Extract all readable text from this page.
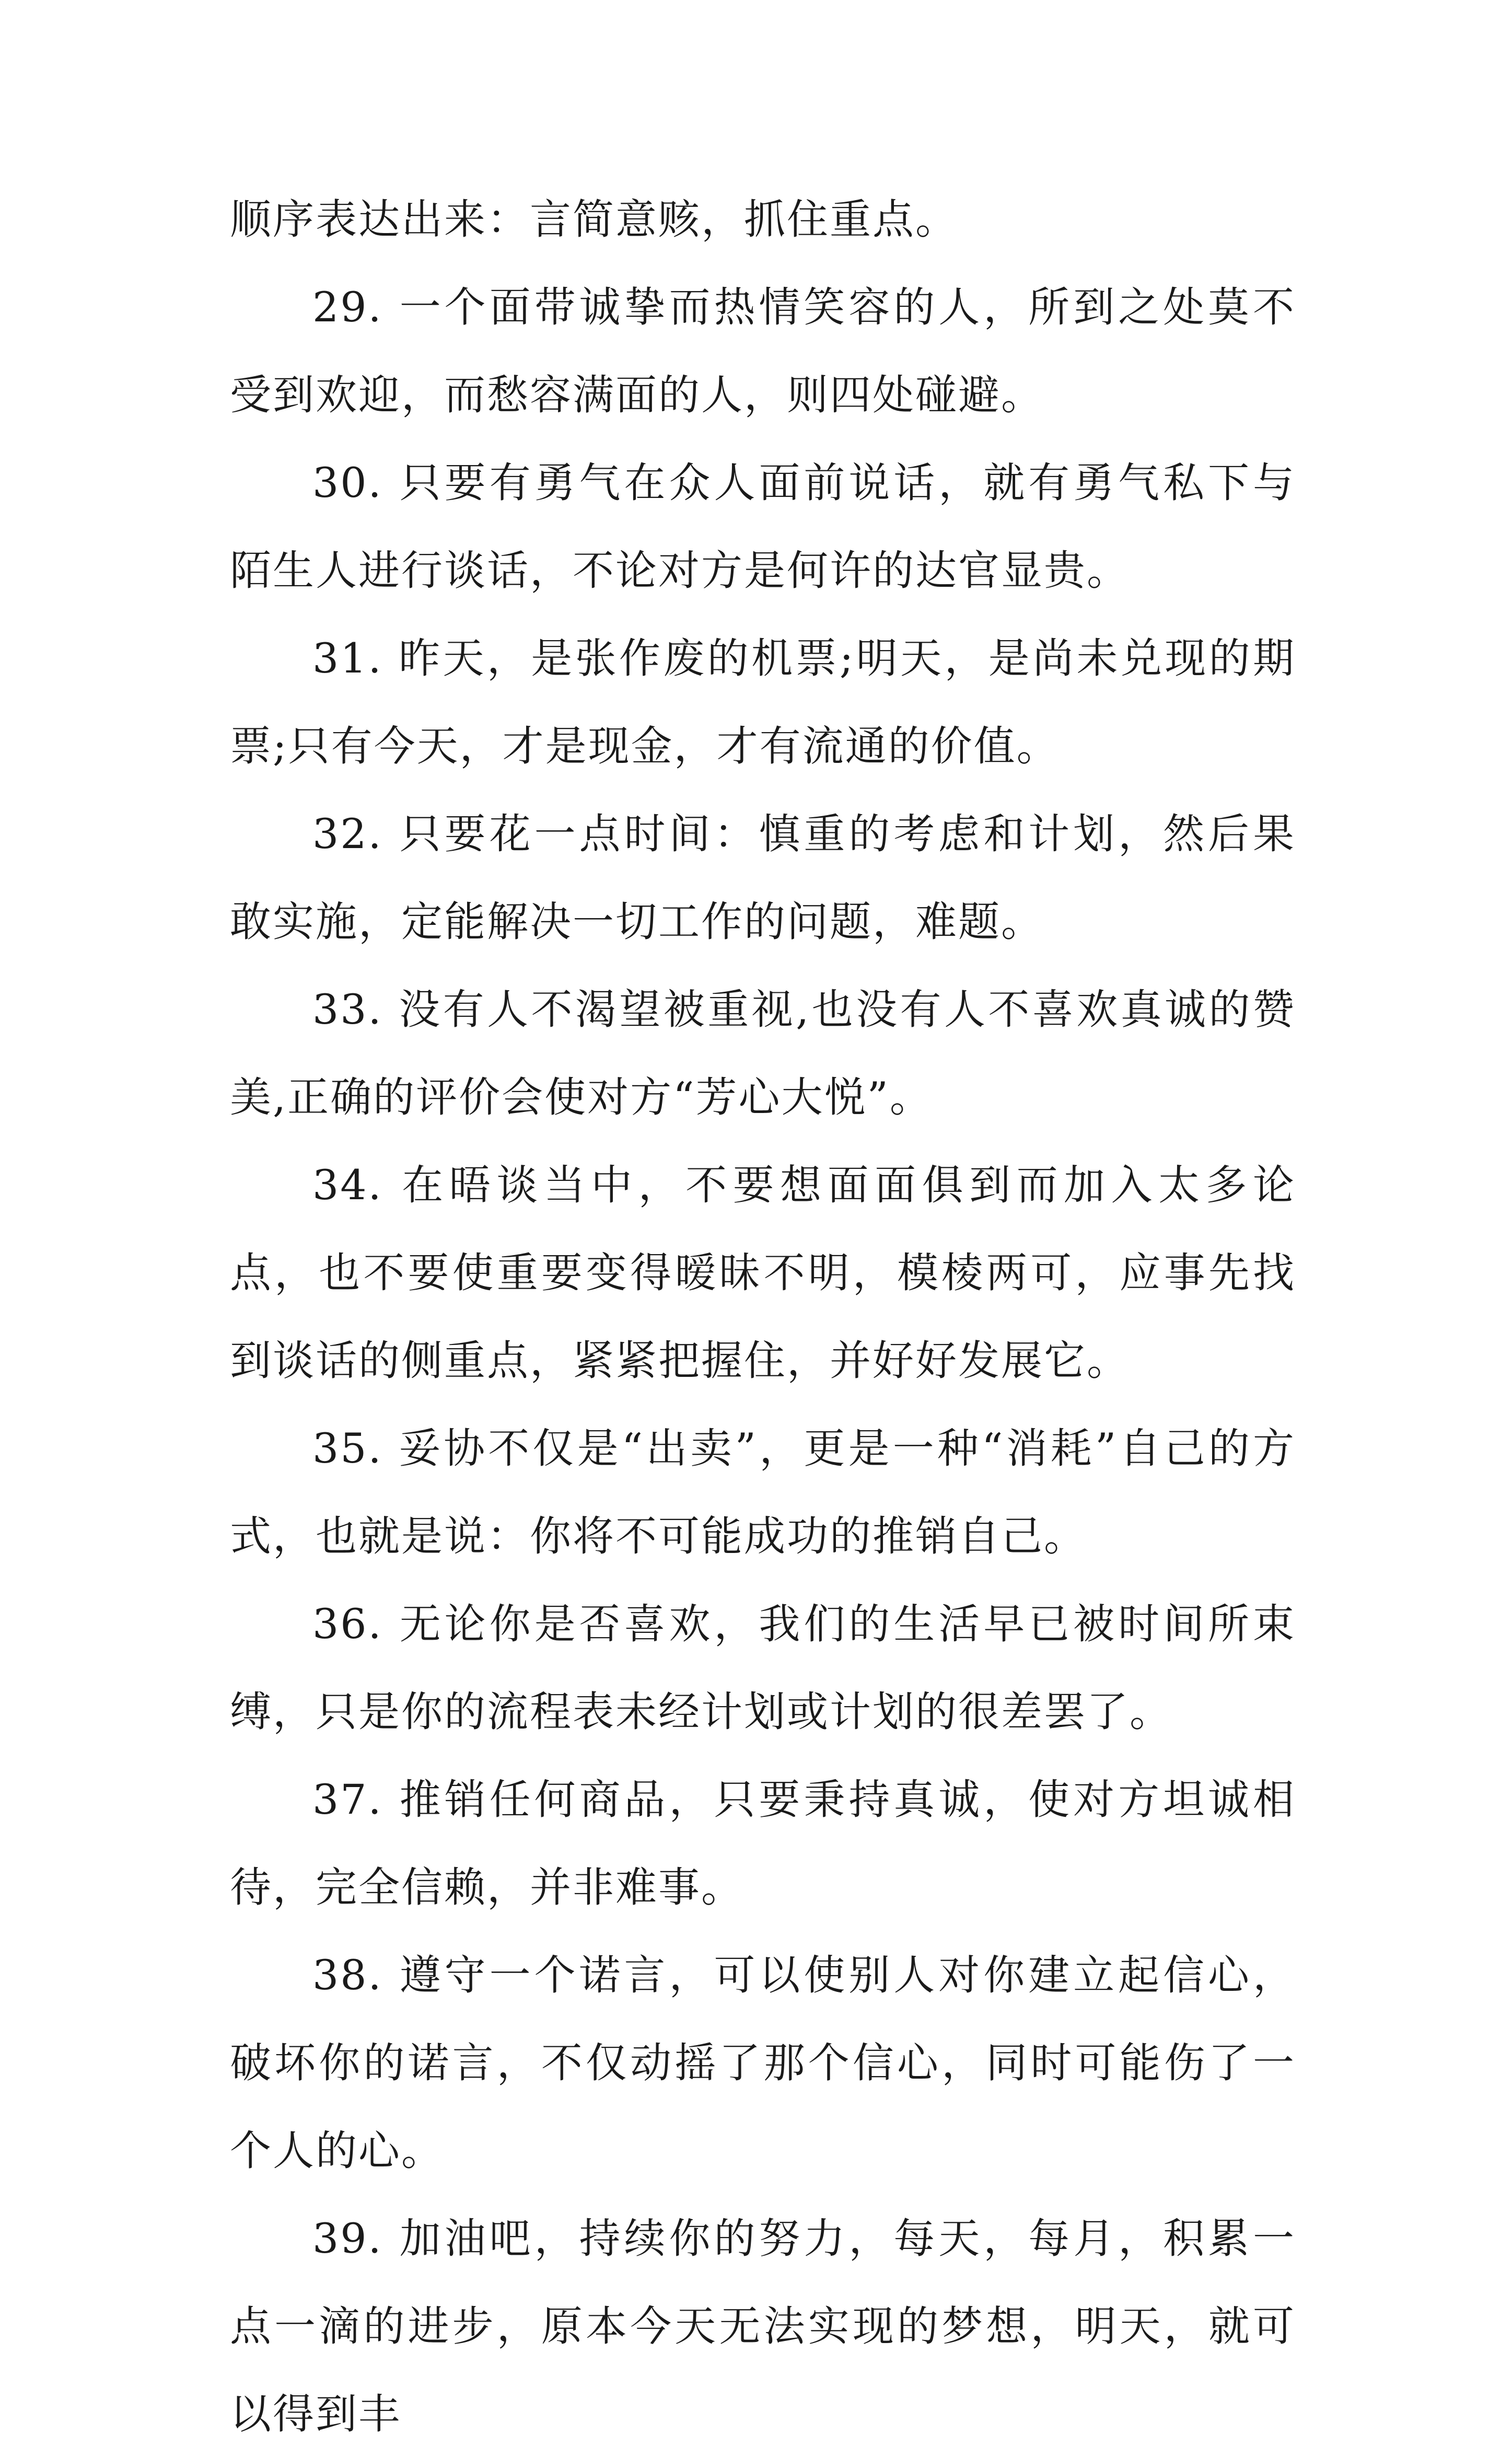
顺序表达出来：言简意赅，抓住重点。

29. 一个面带诚挚而热情笑容的人，所到之处莫不受到欢迎，而愁容满面的人，则四处碰避。

30. 只要有勇气在众人面前说话，就有勇气私下与陌生人进行谈话，不论对方是何许的达官显贵。

31. 昨天，是张作废的机票;明天，是尚未兑现的期票;只有今天，才是现金，才有流通的价值。

32. 只要花一点时间：慎重的考虑和计划，然后果敢实施，定能解决一切工作的问题，难题。

33. 没有人不渴望被重视,也没有人不喜欢真诚的赞美,正确的评价会使对方“芳心大悦”。

34. 在晤谈当中，不要想面面俱到而加入太多论点，也不要使重要变得暧昧不明，模棱两可，应事先找到谈话的侧重点，紧紧把握住，并好好发展它。

35. 妥协不仅是“出卖”，更是一种“消耗”自己的方式，也就是说：你将不可能成功的推销自己。

36. 无论你是否喜欢，我们的生活早已被时间所束缚，只是你的流程表未经计划或计划的很差罢了。

37. 推销任何商品，只要秉持真诚，使对方坦诚相待，完全信赖，并非难事。

38. 遵守一个诺言，可以使别人对你建立起信心，破坏你的诺言，不仅动摇了那个信心，同时可能伤了一个人的心。

39. 加油吧，持续你的努力，每天，每月，积累一点一滴的进步，原本今天无法实现的梦想，明天，就可以得到丰
